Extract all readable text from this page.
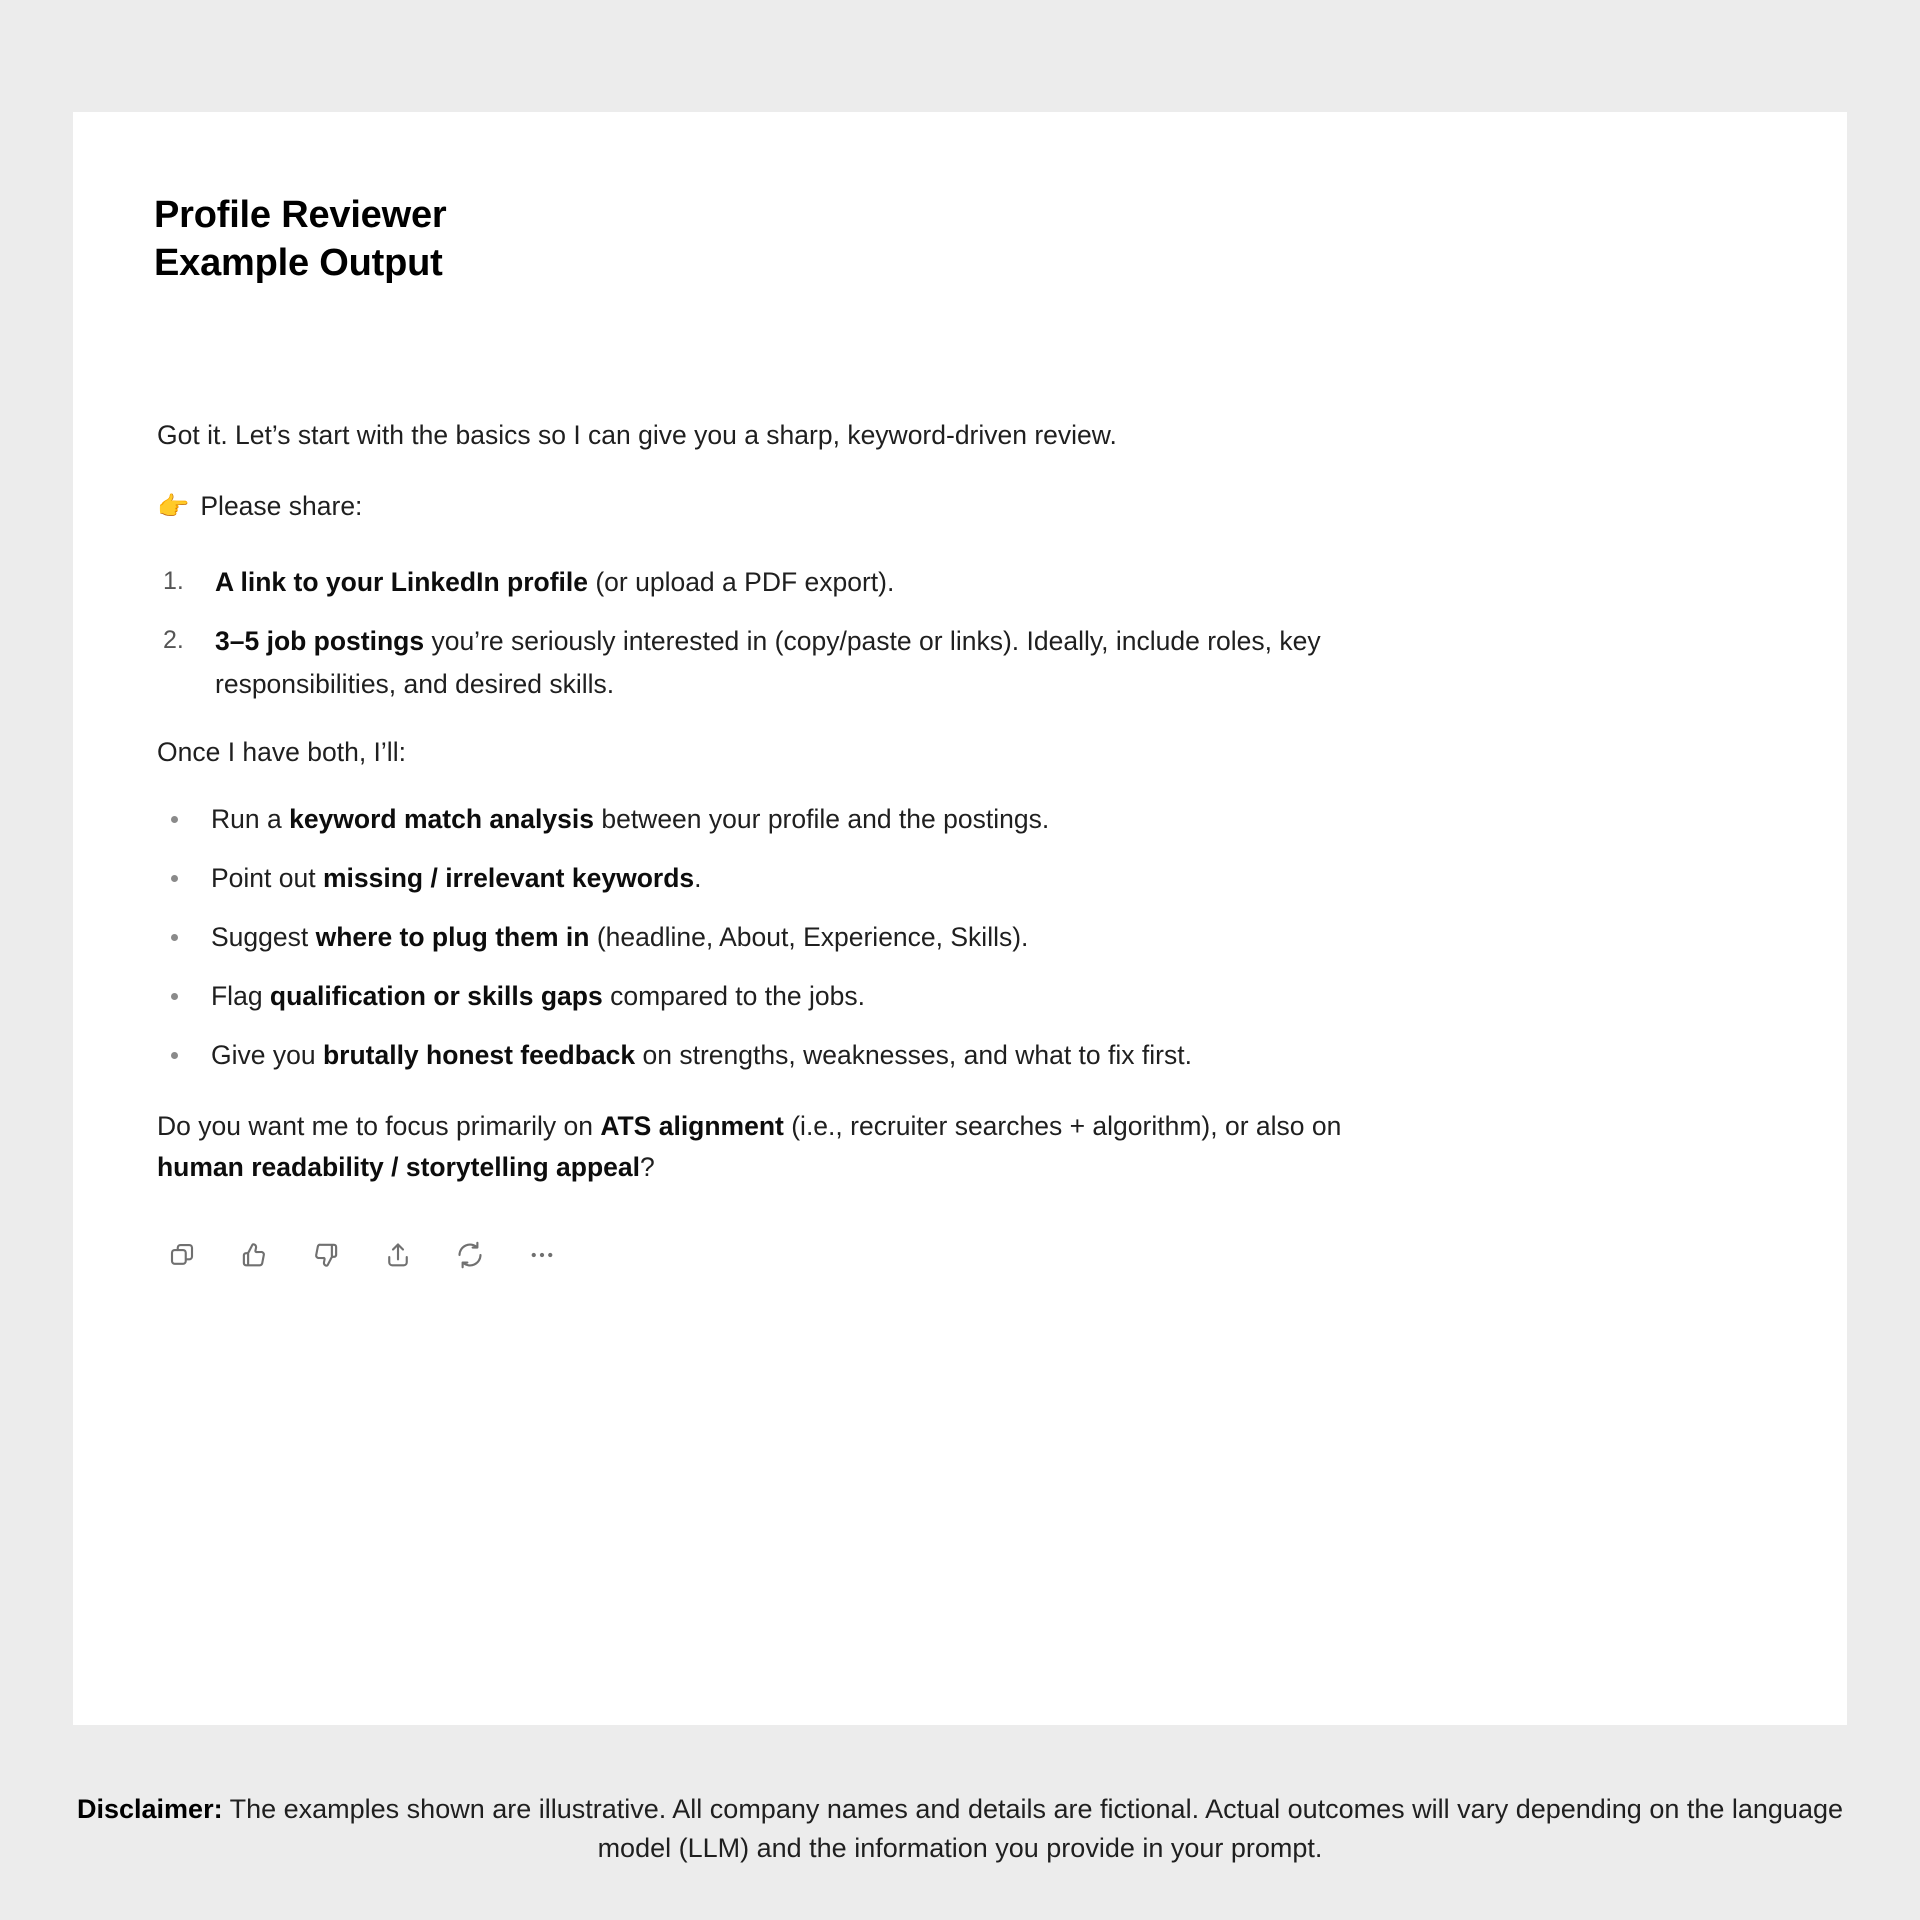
Profile Reviewer
Example Output

Got it. Let’s start with the basics so I can give you a sharp, keyword-driven review.

👉 Please share:
1.	A link to your LinkedIn profile (or upload a PDF export).
2.	3–5 job postings you’re seriously interested in (copy/paste or links). Ideally, include roles, key responsibilities, and desired skills.

Once I have both, I’ll:

Run a keyword match analysis between your profile and the postings.
Point out missing / irrelevant keywords.
Suggest where to plug them in (headline, About, Experience, Skills).
Flag qualification or skills gaps compared to the jobs.
Give you brutally honest feedback on strengths, weaknesses, and what to fix first.

Do you want me to focus primarily on ATS alignment (i.e., recruiter searches + algorithm), or also on human readability / storytelling appeal?

Disclaimer: The examples shown are illustrative. All company names and details are fictional. Actual outcomes will vary depending on the language model (LLM) and the information you provide in your prompt.
